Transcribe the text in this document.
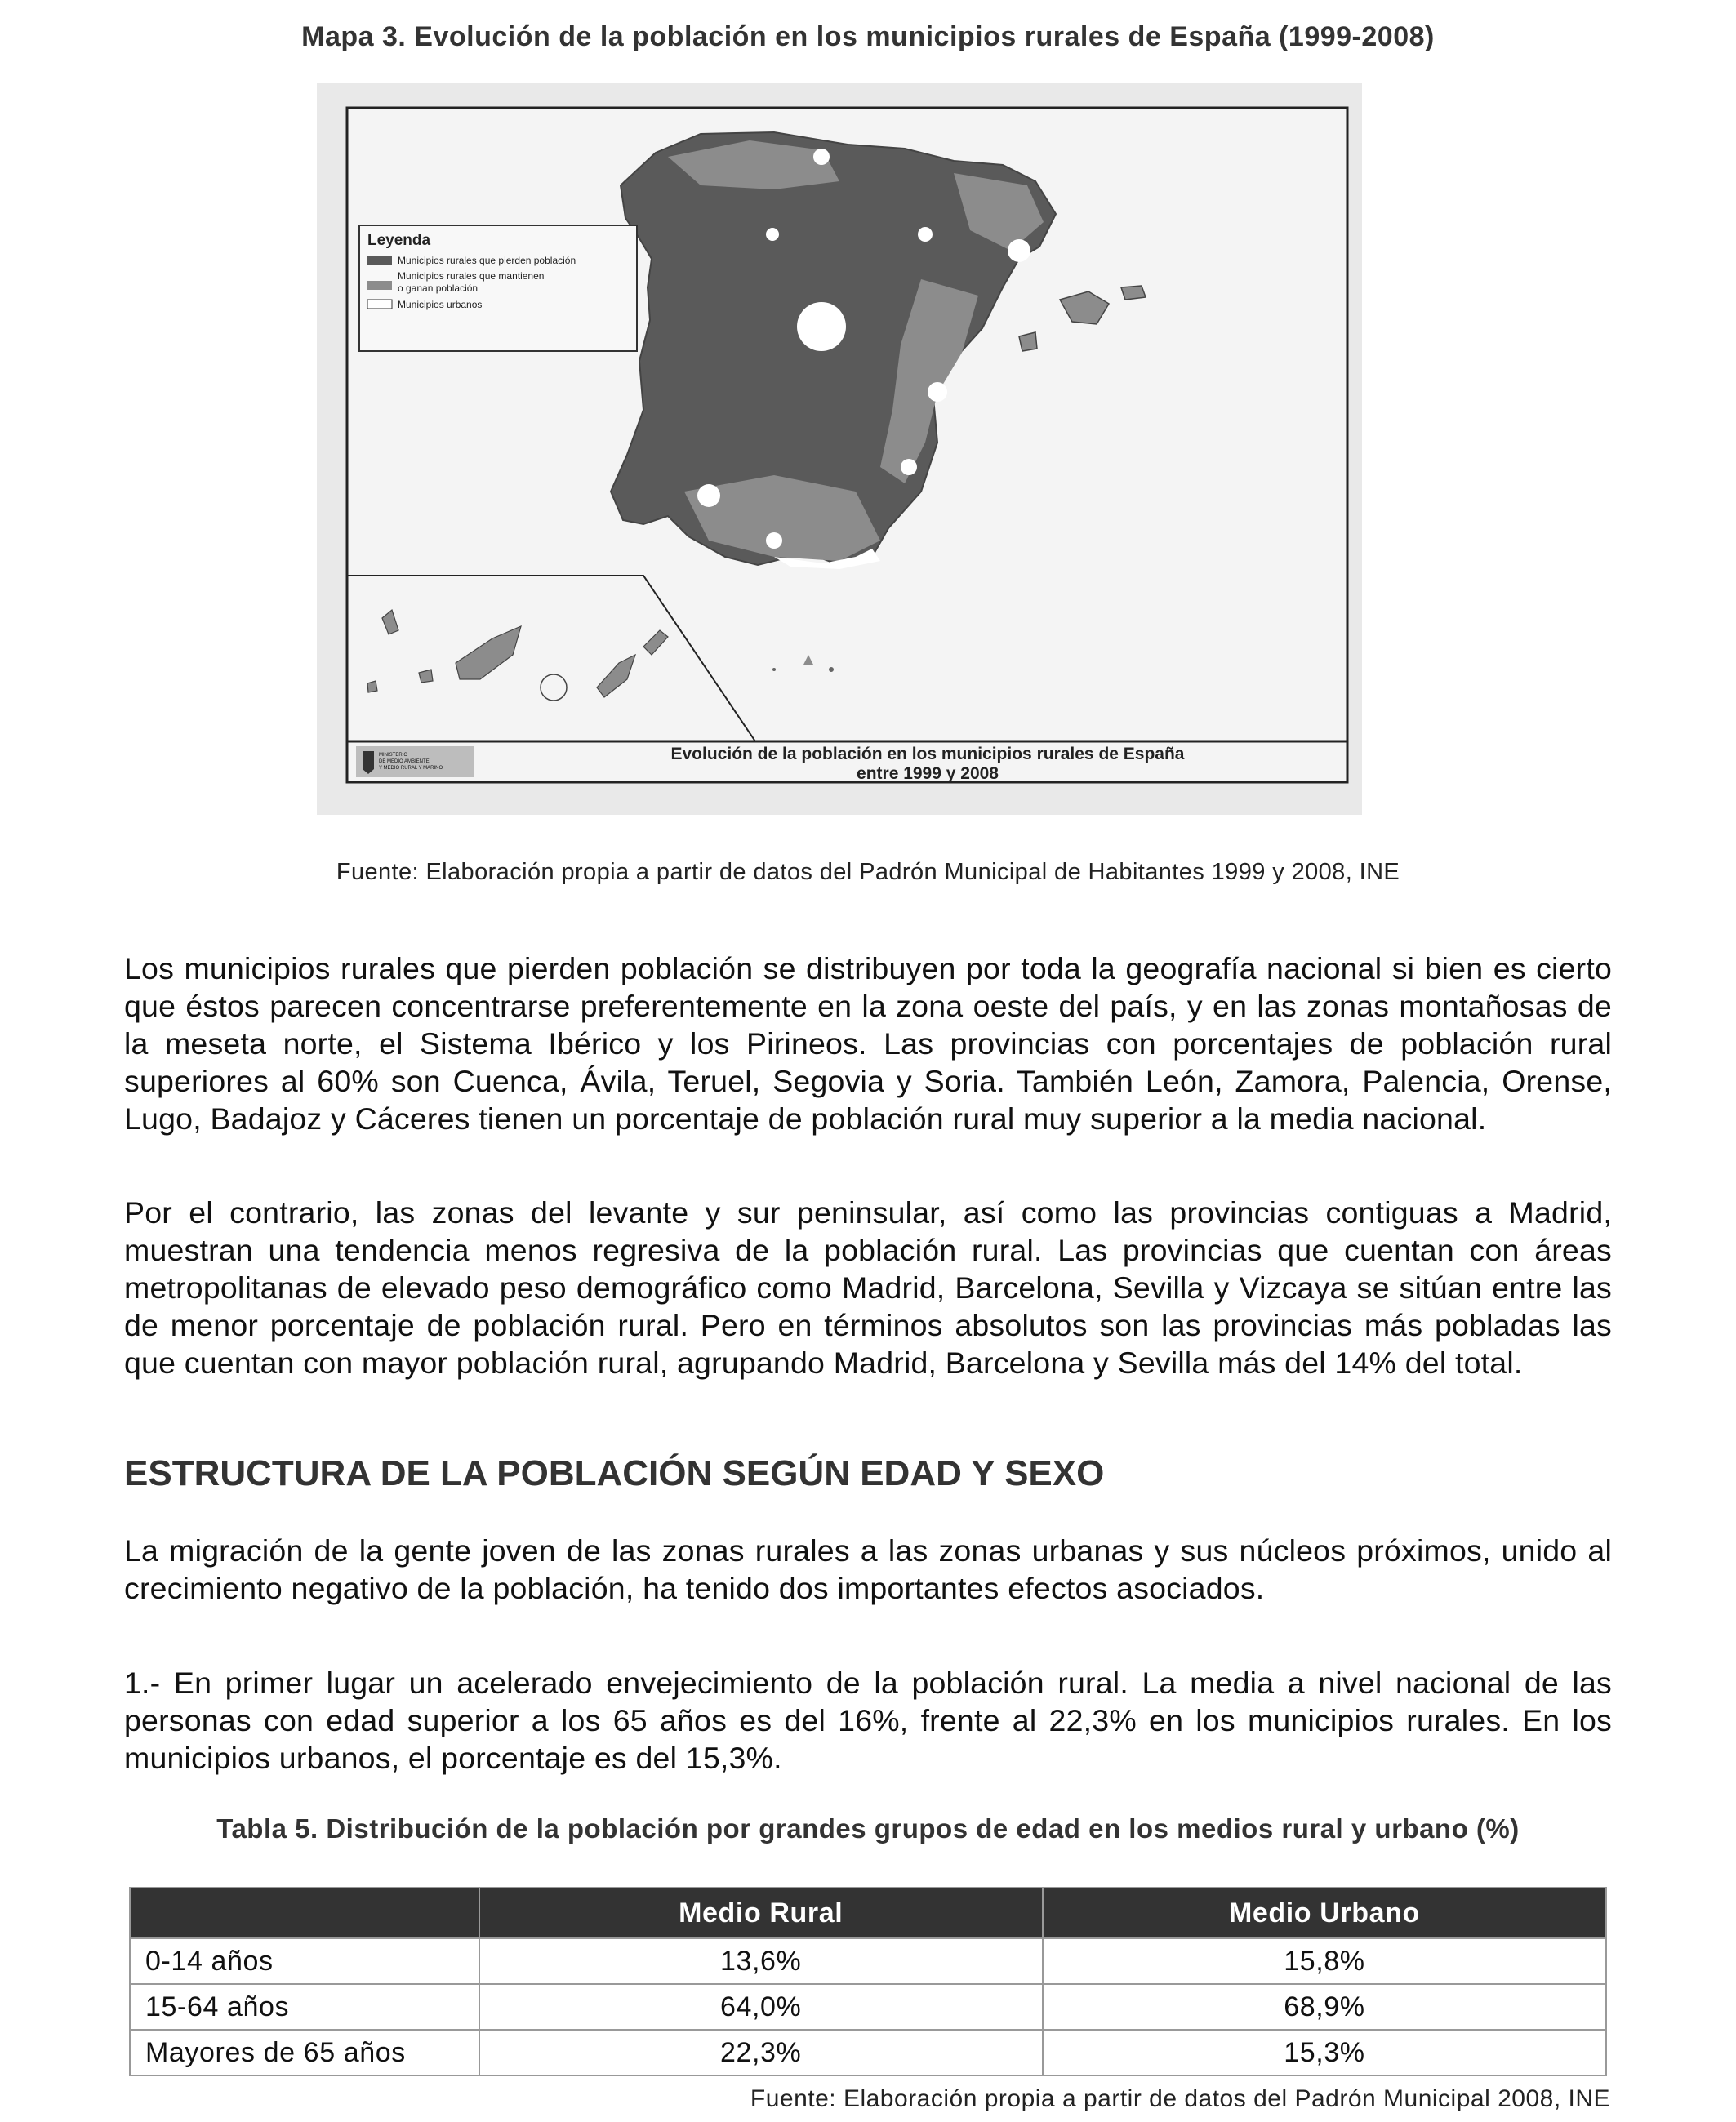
Mapa 3. Evolución de la población en los municipios rurales de España (1999-2008)
Leyenda
Municipios rurales que pierden población
Municipios rurales que mantienen
o ganan población
Municipios urbanos
MINISTERIO
DE MEDIO AMBIENTE
Y MEDIO RURAL Y MARINO
Evolución de la población en los municipios rurales de España
entre 1999 y 2008
Fuente: Elaboración propia a partir de datos del Padrón Municipal de Habitantes 1999 y 2008, INE

Los municipios rurales que pierden población se distribuyen por toda la geografía nacional si bien es cierto que éstos parecen concentrarse preferentemente en la zona oeste del país, y en las zonas montañosas de la meseta norte, el Sistema Ibérico y los Pirineos. Las provincias con porcentajes de población rural superiores al 60% son Cuenca, Ávila, Teruel, Segovia y Soria. También León, Zamora, Palencia, Orense, Lugo, Badajoz y Cáceres tienen un porcentaje de población rural muy superior a la media nacional.

Por el contrario, las zonas del levante y sur peninsular, así como las provincias contiguas a Madrid, muestran una tendencia menos regresiva de la población rural. Las provincias que cuentan con áreas metropolitanas de elevado peso demográfico como Madrid, Barcelona, Sevilla y Vizcaya se sitúan entre las de menor porcentaje de población rural. Pero en términos absolutos son las provincias más pobladas las que cuentan con mayor población rural, agrupando Madrid, Barcelona y Sevilla más del 14% del total.

ESTRUCTURA DE LA POBLACIÓN SEGÚN EDAD Y SEXO

La migración de la gente joven de las zonas rurales a las zonas urbanas y sus núcleos próximos, unido al crecimiento negativo de la población, ha tenido dos importantes efectos asociados.

1.- En primer lugar un acelerado envejecimiento de la población rural. La media a nivel nacional de las personas con edad superior a los 65 años es del 16%, frente al 22,3% en los municipios rurales. En los municipios urbanos, el porcentaje es del 15,3%.

Tabla 5. Distribución de la población por grandes grupos de edad en los medios rural y urbano (%)
	Medio Rural	Medio Urbano
0-14 años	13,6%	15,8%
15-64 años	64,0%	68,9%
Mayores de 65 años	22,3%	15,3%
Fuente: Elaboración propia a partir de datos del Padrón Municipal 2008, INE
